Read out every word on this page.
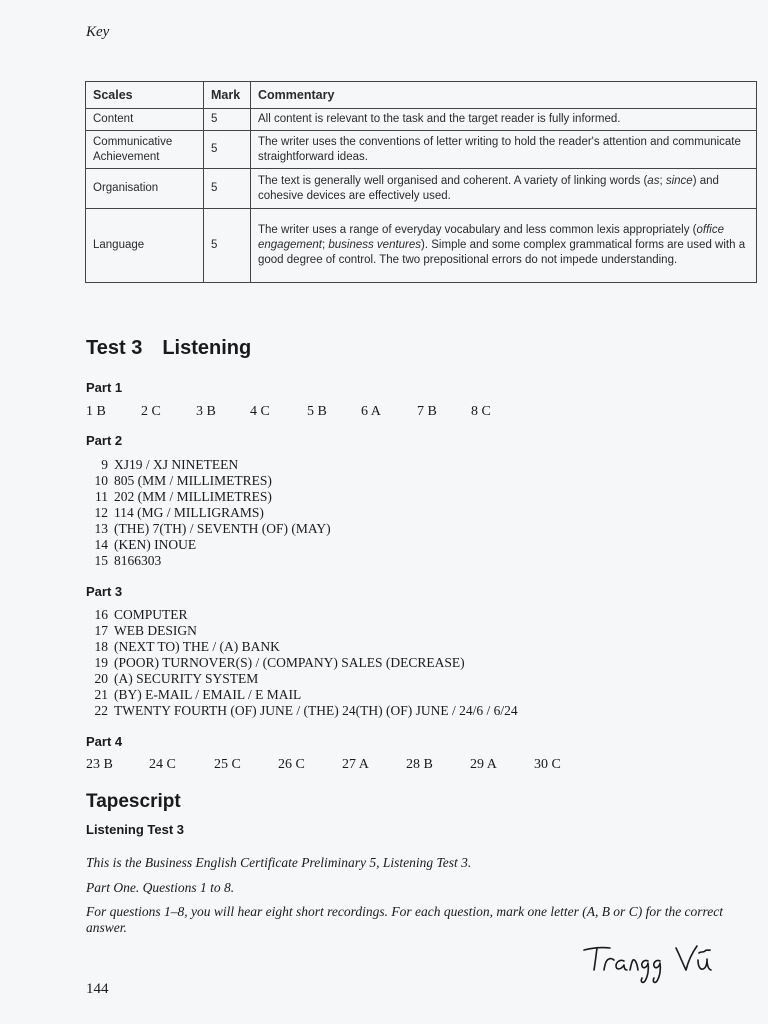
Key
Scales	Mark	Commentary
Content	5	All content is relevant to the task and the target reader is fully informed.
Communicative Achievement	5	The writer uses the conventions of letter writing to hold the reader's attention and communicate straightforward ideas.
Organisation	5	The text is generally well organised and coherent. A variety of linking words (as; since) and cohesive devices are effectively used.
Language	5	The writer uses a range of everyday vocabulary and less common lexis appropriately (office engagement; business ventures). Simple and some complex grammatical forms are used with a good degree of control. The two prepositional errors do not impede understanding.
Test 3 Listening
Part 1
1 B	2 C	3 B	4 C	5 B	6 A	7 B	8 C
Part 2
9 XJ19 / XJ NINETEEN
10 805 (MM / MILLIMETRES)
11 202 (MM / MILLIMETRES)
12 114 (MG / MILLIGRAMS)
13 (THE) 7(TH) / SEVENTH (OF) (MAY)
14 (KEN) INOUE
15 8166303
Part 3
16 COMPUTER
17 WEB DESIGN
18 (NEXT TO) THE / (A) BANK
19 (POOR) TURNOVER(S) / (COMPANY) SALES (DECREASE)
20 (A) SECURITY SYSTEM
21 (BY) E-MAIL / EMAIL / E MAIL
22 TWENTY FOURTH (OF) JUNE / (THE) 24(TH) (OF) JUNE / 24/6 / 6/24
Part 4
23 B	24 C	25 C	26 C	27 A	28 B	29 A	30 C
Tapescript
Listening Test 3
This is the Business English Certificate Preliminary 5, Listening Test 3.
Part One. Questions 1 to 8.
For questions 1–8, you will hear eight short recordings. For each question, mark one letter (A, B or C) for the correct answer.
144
